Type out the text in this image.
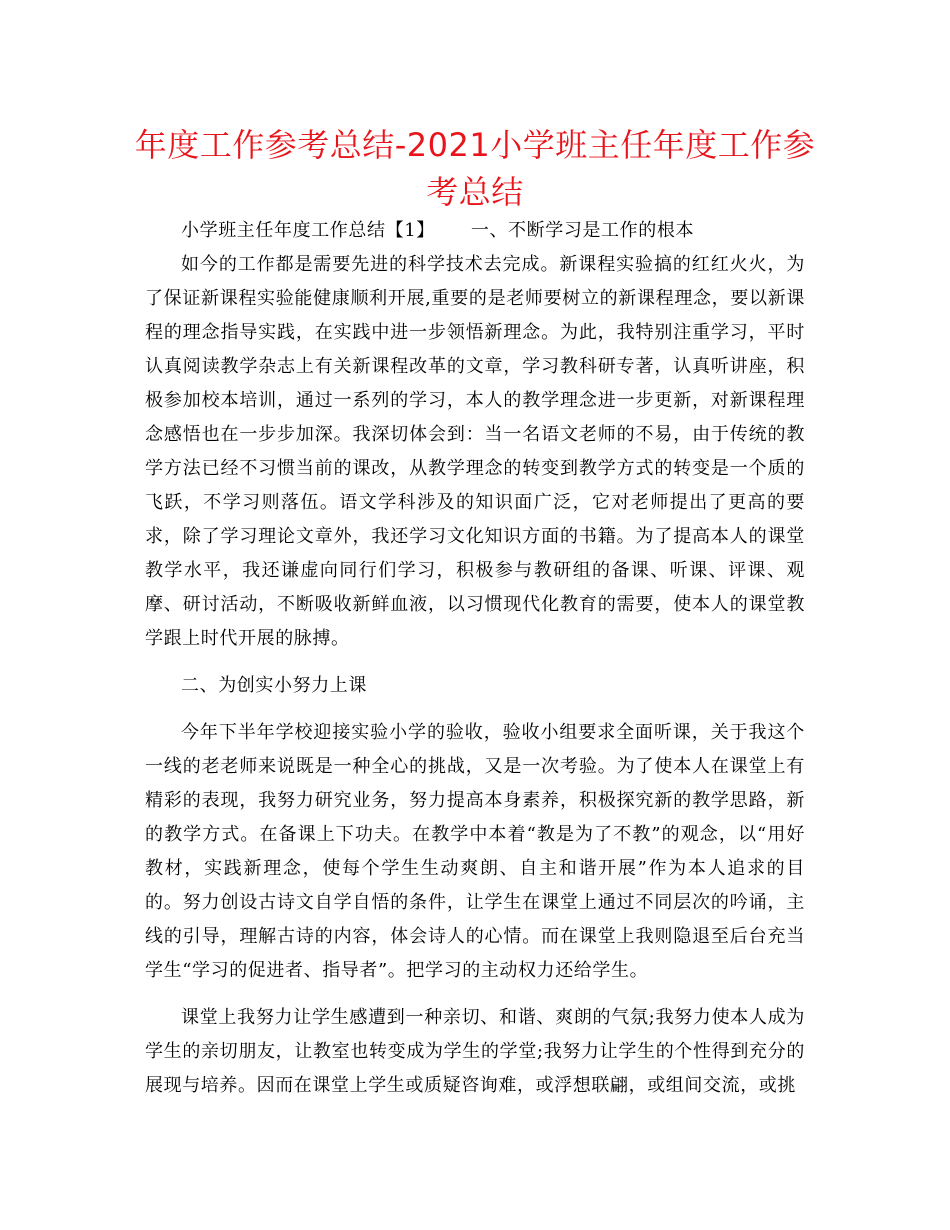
年度工作参考总结-2021小学班主任年度工作参考总结

小学班主任年度工作总结【1】 一、不断学习是工作的根本

如今的工作都是需要先进的科学技术去完成。新课程实验搞的红红火火，为了保证新课程实验能健康顺利开展,重要的是老师要树立的新课程理念，要以新课程的理念指导实践，在实践中进一步领悟新理念。为此，我特别注重学习，平时认真阅读教学杂志上有关新课程改革的文章，学习教科研专著，认真听讲座，积极参加校本培训，通过一系列的学习，本人的教学理念进一步更新，对新课程理念感悟也在一步步加深。我深切体会到：当一名语文老师的不易，由于传统的教学方法已经不习惯当前的课改，从教学理念的转变到教学方式的转变是一个质的飞跃，不学习则落伍。语文学科涉及的知识面广泛，它对老师提出了更高的要求，除了学习理论文章外，我还学习文化知识方面的书籍。为了提高本人的课堂教学水平，我还谦虚向同行们学习，积极参与教研组的备课、听课、评课、观摩、研讨活动，不断吸收新鲜血液，以习惯现代化教育的需要，使本人的课堂教学跟上时代开展的脉搏。

二、为创实小努力上课

今年下半年学校迎接实验小学的验收，验收小组要求全面听课，关于我这个一线的老老师来说既是一种全心的挑战，又是一次考验。为了使本人在课堂上有精彩的表现，我努力研究业务，努力提高本身素养，积极探究新的教学思路，新的教学方式。在备课上下功夫。在教学中本着“教是为了不教”的观念，以“用好教材，实践新理念，使每个学生生动爽朗、自主和谐开展”作为本人追求的目的。努力创设古诗文自学自悟的条件，让学生在课堂上通过不同层次的吟诵，主线的引导，理解古诗的内容，体会诗人的心情。而在课堂上我则隐退至后台充当学生“学习的促进者、指导者”。把学习的主动权力还给学生。

课堂上我努力让学生感遭到一种亲切、和谐、爽朗的气氛;我努力使本人成为学生的亲切朋友，让教室也转变成为学生的学堂;我努力让学生的个性得到充分的展现与培养。因而在课堂上学生或质疑咨询难，或浮想联翩，或组间交流，或挑
